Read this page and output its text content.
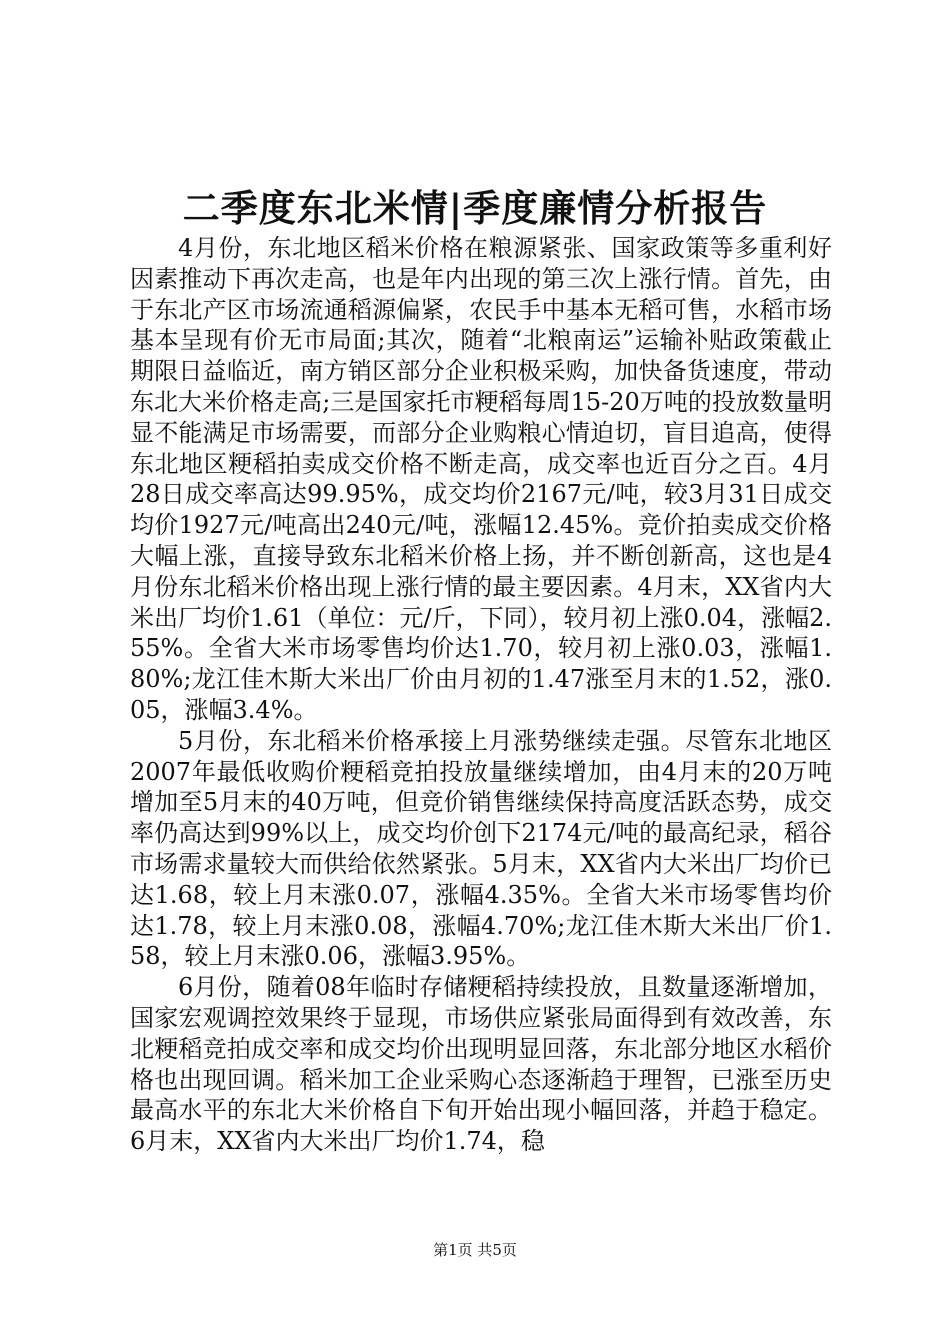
二季度东北米情|季度廉情分析报告

4月份，东北地区稻米价格在粮源紧张、国家政策等多重利好因素推动下再次走高，也是年内出现的第三次上涨行情。首先，由于东北产区市场流通稻源偏紧，农民手中基本无稻可售，水稻市场基本呈现有价无市局面;其次，随着“北粮南运”运输补贴政策截止期限日益临近，南方销区部分企业积极采购，加快备货速度，带动东北大米价格走高;三是国家托市粳稻每周15-20万吨的投放数量明显不能满足市场需要，而部分企业购粮心情迫切，盲目追高，使得东北地区粳稻拍卖成交价格不断走高，成交率也近百分之百。4月28日成交率高达99.95%，成交均价2167元/吨，较3月31日成交均价1927元/吨高出240元/吨，涨幅12.45%。竞价拍卖成交价格大幅上涨，直接导致东北稻米价格上扬，并不断创新高，这也是4月份东北稻米价格出现上涨行情的最主要因素。4月末，XX省内大米出厂均价1.61（单位：元/斤，下同），较月初上涨0.04，涨幅2.55%。全省大米市场零售均价达1.70，较月初上涨0.03，涨幅1.80%;龙江佳木斯大米出厂价由月初的1.47涨至月末的1.52，涨0.05，涨幅3.4%。

5月份，东北稻米价格承接上月涨势继续走强。尽管东北地区2007年最低收购价粳稻竞拍投放量继续增加，由4月末的20万吨增加至5月末的40万吨，但竞价销售继续保持高度活跃态势，成交率仍高达到99%以上，成交均价创下2174元/吨的最高纪录，稻谷市场需求量较大而供给依然紧张。5月末，XX省内大米出厂均价已达1.68，较上月末涨0.07，涨幅4.35%。全省大米市场零售均价达1.78，较上月末涨0.08，涨幅4.70%;龙江佳木斯大米出厂价1.58，较上月末涨0.06，涨幅3.95%。

6月份，随着08年临时存储粳稻持续投放，且数量逐渐增加，国家宏观调控效果终于显现，市场供应紧张局面得到有效改善，东北粳稻竞拍成交率和成交均价出现明显回落，东北部分地区水稻价格也出现回调。稻米加工企业采购心态逐渐趋于理智，已涨至历史最高水平的东北大米价格自下旬开始出现小幅回落，并趋于稳定。6月末，XX省内大米出厂均价1.74，稳

第1页 共5页
